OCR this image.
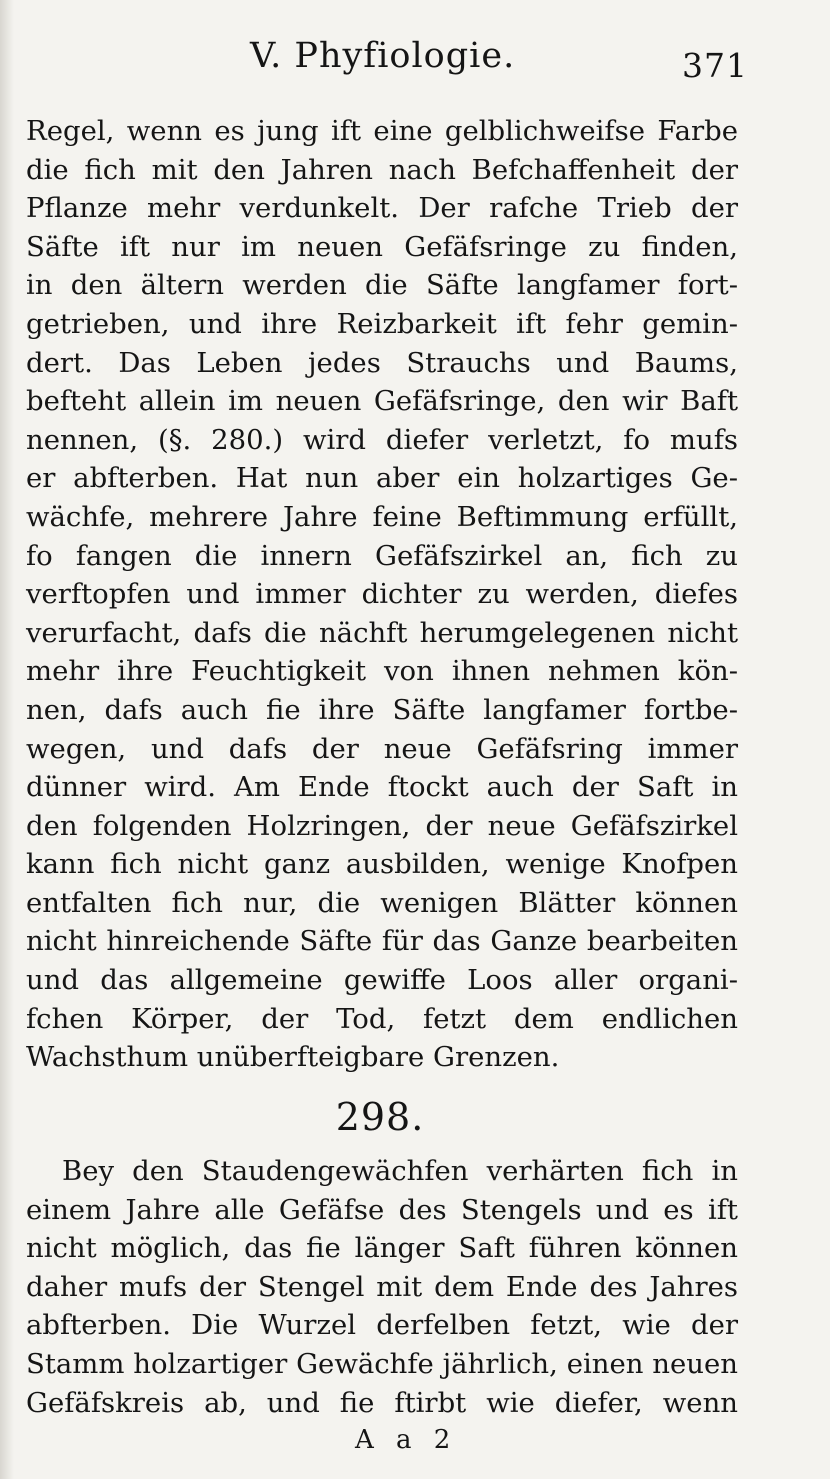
V. Phyfiologie.	371
Regel, wenn es jung ift eine gelblichweifse Farbe
die fich mit den Jahren nach Befchaffenheit der
Pflanze mehr verdunkelt. Der rafche Trieb der
Säfte ift nur im neuen Gefäfsringe zu finden,
in den ältern werden die Säfte langfamer fort-
getrieben, und ihre Reizbarkeit ift fehr gemin-
dert. Das Leben jedes Strauchs und Baums,
befteht allein im neuen Gefäfsringe, den wir Baft
nennen, (§. 280.) wird diefer verletzt, fo mufs
er abfterben. Hat nun aber ein holzartiges Ge-
wächfe, mehrere Jahre feine Beftimmung erfüllt,
fo fangen die innern Gefäfszirkel an, fich zu
verftopfen und immer dichter zu werden, diefes
verurfacht, dafs die nächft herumgelegenen nicht
mehr ihre Feuchtigkeit von ihnen nehmen kön-
nen, dafs auch fie ihre Säfte langfamer fortbe-
wegen, und dafs der neue Gefäfsring immer
dünner wird. Am Ende ftockt auch der Saft in
den folgenden Holzringen, der neue Gefäfszirkel
kann fich nicht ganz ausbilden, wenige Knofpen
entfalten fich nur, die wenigen Blätter können
nicht hinreichende Säfte für das Ganze bearbeiten
und das allgemeine gewiffe Loos aller organi-
fchen Körper, der Tod, fetzt dem endlichen
Wachsthum unüberfteigbare Grenzen.
298.
Bey den Staudengewächfen verhärten fich in
einem Jahre alle Gefäfse des Stengels und es ift
nicht möglich, das fie länger Saft führen können
daher mufs der Stengel mit dem Ende des Jahres
abfterben. Die Wurzel derfelben fetzt, wie der
Stamm holzartiger Gewächfe jährlich, einen neuen
Gefäfskreis ab, und fie ftirbt wie diefer, wenn
A a 2
